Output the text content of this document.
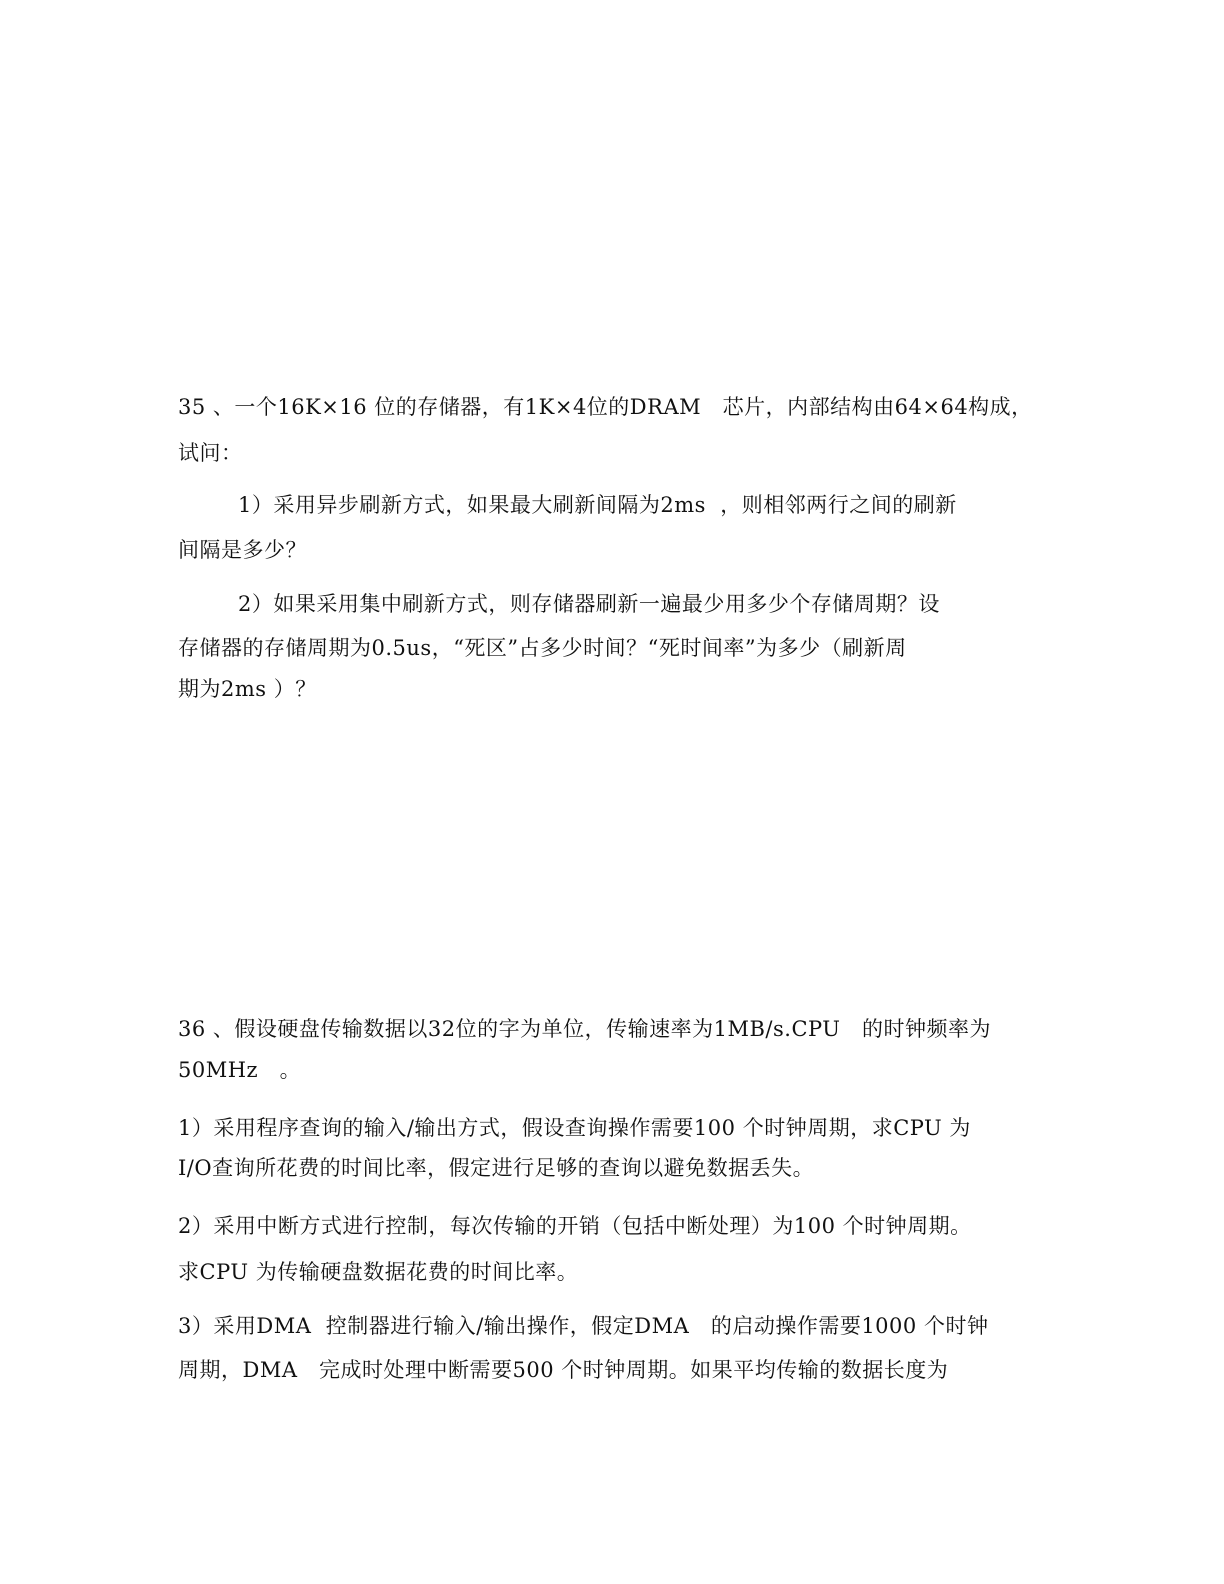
35 、一个16K×16 位的存储器，有1K×4位的DRAM   芯片，内部结构由64×64构成，
试问：
1）采用异步刷新方式，如果最大刷新间隔为2ms  ，则相邻两行之间的刷新
间隔是多少？
2）如果采用集中刷新方式，则存储器刷新一遍最少用多少个存储周期？设
存储器的存储周期为0.5us，“死区”占多少时间？“死时间率”为多少（刷新周
期为2ms ）？
36 、假设硬盘传输数据以32位的字为单位，传输速率为1MB/s.CPU   的时钟频率为
50MHz   。
1）采用程序查询的输入/输出方式，假设查询操作需要100 个时钟周期，求CPU 为
I/O查询所花费的时间比率，假定进行足够的查询以避免数据丢失。
2）采用中断方式进行控制，每次传输的开销（包括中断处理）为100 个时钟周期。
求CPU 为传输硬盘数据花费的时间比率。
3）采用DMA  控制器进行输入/输出操作，假定DMA   的启动操作需要1000 个时钟
周期，DMA   完成时处理中断需要500 个时钟周期。如果平均传输的数据长度为
